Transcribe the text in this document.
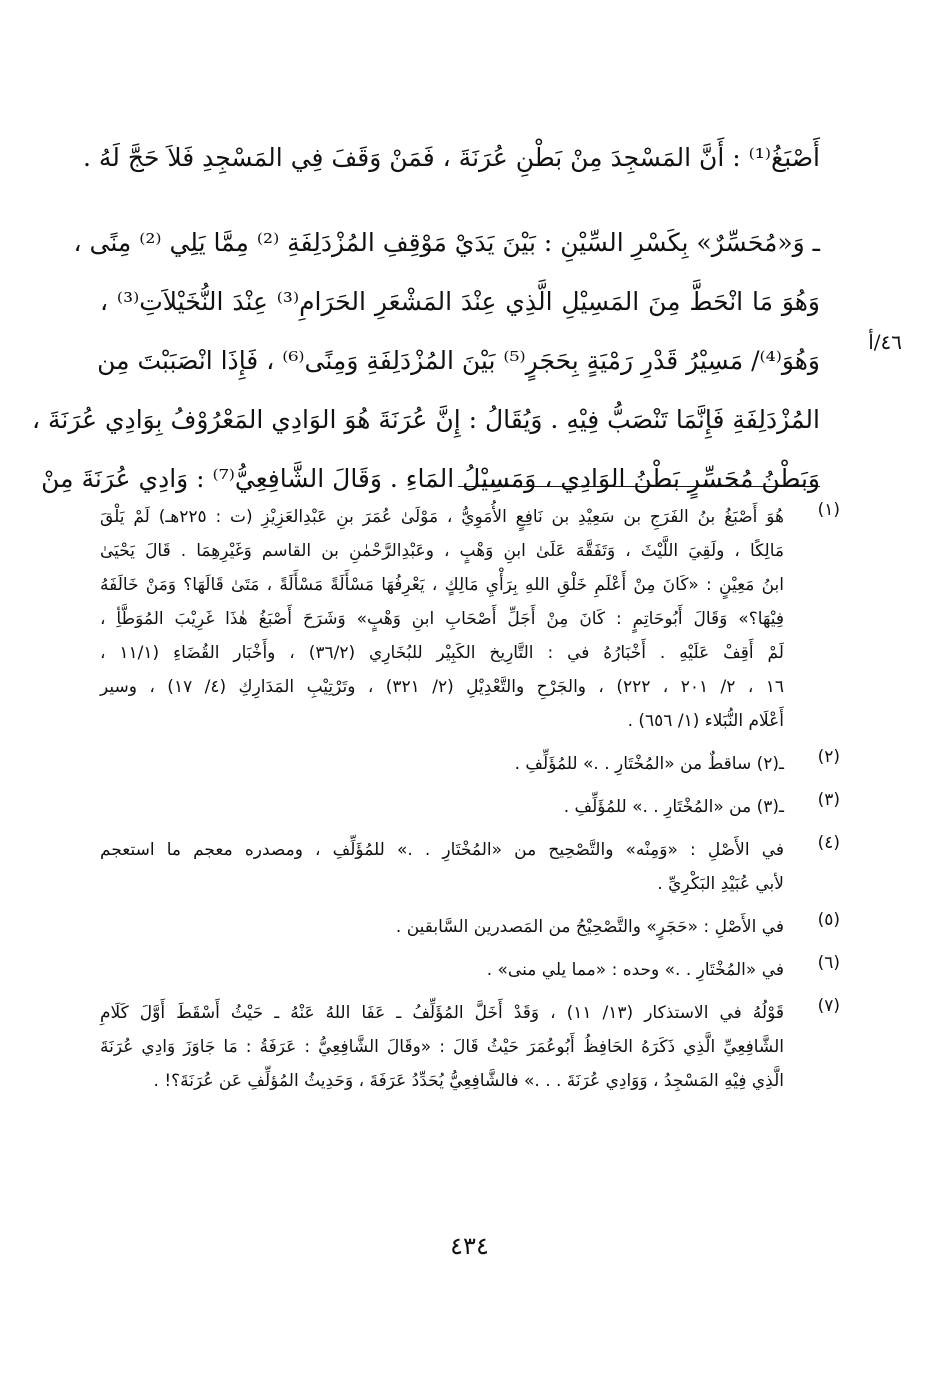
أَصْبَغُ⁽¹⁾ : أَنَّ المَسْجِدَ مِنْ بَطْنِ عُرَنَةَ ، فَمَنْ وَقَفَ فِي المَسْجِدِ فَلاَ حَجَّ لَهُ .
ـ وَ«مُحَسِّرٌ» بِكَسْرِ السِّيْنِ : بَيْنَ يَدَيْ مَوْقِفِ المُزْدَلِفَةِ ⁽²⁾ مِمَّا يَلِي ⁽²⁾ مِنًى ،
وَهُوَ مَا انْحَطَّ مِنَ المَسِيْلِ الَّذِي عِنْدَ المَشْعَرِ الحَرَامِ⁽³⁾ عِنْدَ النُّخَيْلاَتِ⁽³⁾ ،
وَهُوَ⁽⁴⁾/ مَسِيْرُ قَدْرِ رَمْيَةٍ بِحَجَرٍ⁽⁵⁾ بَيْنَ المُزْدَلِفَةِ وَمِنًى⁽⁶⁾ ، فَإِذَا انْصَبَبْتَ مِن
المُزْدَلِفَةِ فَإِنَّمَا تَنْصَبُّ فِيْهِ . وَيُقَالُ : إِنَّ عُرَنَةَ هُوَ الوَادِي المَعْرُوْفُ بِوَادِي عُرَنَةَ ،
وَبَطْنُ مُحَسِّرٍ بَطْنُ الوَادِي ، وَمَسِيْلُ المَاءِ . وَقَالَ الشَّافِعِيُّ⁽⁷⁾ : وَادِي عُرَنَةَ مِنْ
٤٦/أ
(١)
هُوَ أَصْبَغُ بنُ الفَرَجِ بن سَعِيْدِ بن نَافِعٍ الأُمَوِيُّ ، مَوْلَىٰ عُمَرَ بنِ عَبْدِالعَزِيْزِ (ت : ٢٢٥هـ) لَمْ يَلْقَ
مَالِكًا ، ولَقِيَ اللَّيْثَ ، وَتَفَقَّهَ عَلَىٰ ابنِ وَهْبٍ ، وعَبْدِالرَّحْمٰنِ بن القاسم وَغَيْرِهِمَا . قَالَ يَحْيَىٰ
ابنُ مَعِيْنٍ : «كَانَ مِنْ أَعْلَمِ خَلْقِ اللهِ بِرَأْيِ مَالِكٍ ، يَعْرِفُهَا مَسْأَلَةً مَسْأَلَةً ، مَتَىٰ قَالَهَا؟ وَمَنْ خَالَفَهُ
فِيْهَا؟» وَقَالَ أَبُوحَاتِمٍ : كَانَ مِنْ أَجَلِّ أَصْحَابِ ابنِ وَهْبٍ» وَشَرَحَ أَصْبَغُ هٰذَا غَرِيْبَ المُوَطَّأِ ،
لَمْ أَقِفْ عَلَيْهِ . أَخْبَارُهُ في : التَّارِيخ الكَبِيْر للبُخَارِي (٣٦/٢) ، وأَخْبَار القُضَاءِ (١١/١ ،
١٦ ، ٢/ ٢٠١ ، ٢٢٢) ، والجَرْحِ والتَّعْدِيْلِ (٢/ ٣٢١) ، وتَرْتِيْبِ المَدَارِكِ (٤/ ١٧) ، وسير
أَعْلَام النُّبَلاء (١/ ٦٥٦) .
(٢)
ـ(٢) ساقطٌ من «المُخْتَارِ . .» للمُؤَلِّفِ .
(٣)
ـ(٣) من «المُخْتَارِ . .» للمُؤَلِّفِ .
(٤)
في الأَصْلِ : «وَمِنْه» والتَّصْحِيح من «المُخْتَارِ . .» للمُؤَلِّفِ ، ومصدره معجم ما استعجم
لأبي عُبَيْدِ البَكْرِيِّ .
(٥)
في الأَصْلِ : «حَجَرٍ» والتَّصْحِيْحُ من المَصدرين السَّابقين .
(٦)
في «المُخْتَارِ . .» وحده : «مما يلي منى» .
(٧)
قَوْلُهُ في الاستذكار (١٣/ ١١) ، وَقَدْ أَخَلَّ المُؤَلِّفُ ـ عَفَا اللهُ عَنْهُ ـ حَيْثُ أَسْقَطَ أَوَّلَ كَلَامِ
الشَّافِعِيِّ الَّذِي ذَكَرَهُ الحَافِظُ أَبُوعُمَرَ حَيْثُ قَالَ : «وقَالَ الشَّافِعِيُّ : عَرَفَةُ : مَا جَاوَزَ وَادِي عُرَنَةَ
الَّذِي فِيْهِ المَسْجِدُ ، وَوَادِي عُرَنَةَ . . .» فالشَّافِعِيُّ يُحَدِّدُ عَرَفَةَ ، وَحَدِيثُ المُؤلِّفِ عَن عُرَنَةَ؟! .
٤٣٤
